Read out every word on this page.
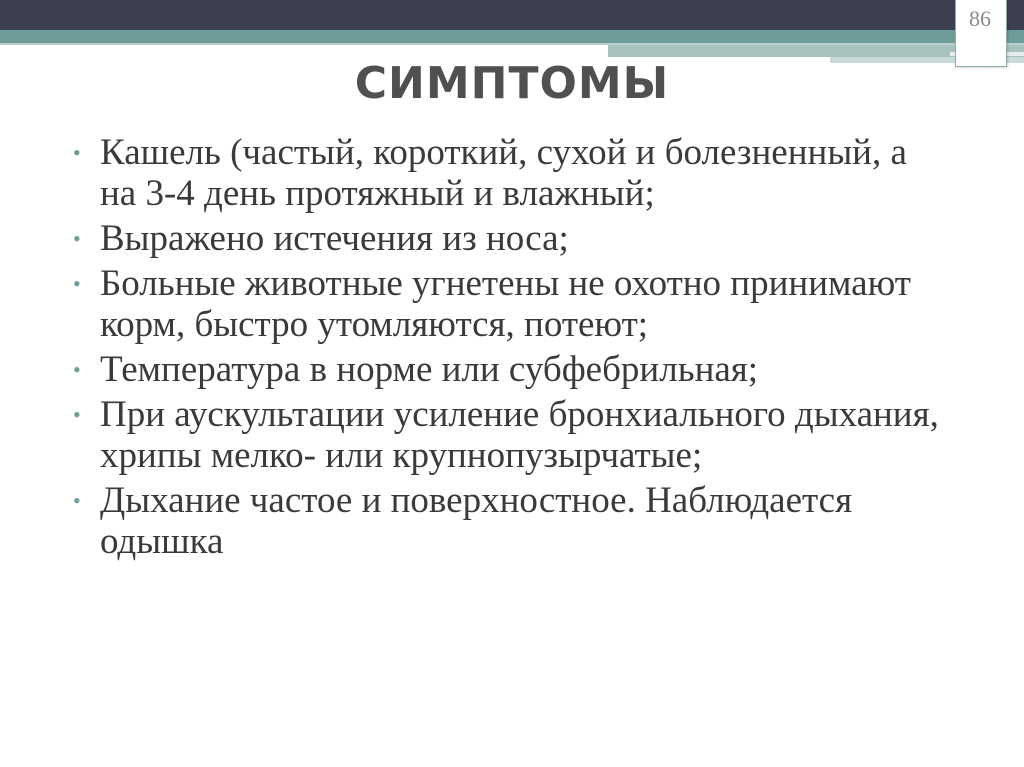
86
СИМПТОМЫ
• Кашель (частый, короткий, сухой и болезненный, а на 3-4 день протяжный и влажный;
• Выражено истечения из носа;
• Больные животные угнетены не охотно принимают корм, быстро утомляются, потеют;
• Температура в норме или субфебрильная;
• При аускультации усиление бронхиального дыхания, хрипы мелко- или крупнопузырчатые;
• Дыхание частое и поверхностное. Наблюдается одышка
